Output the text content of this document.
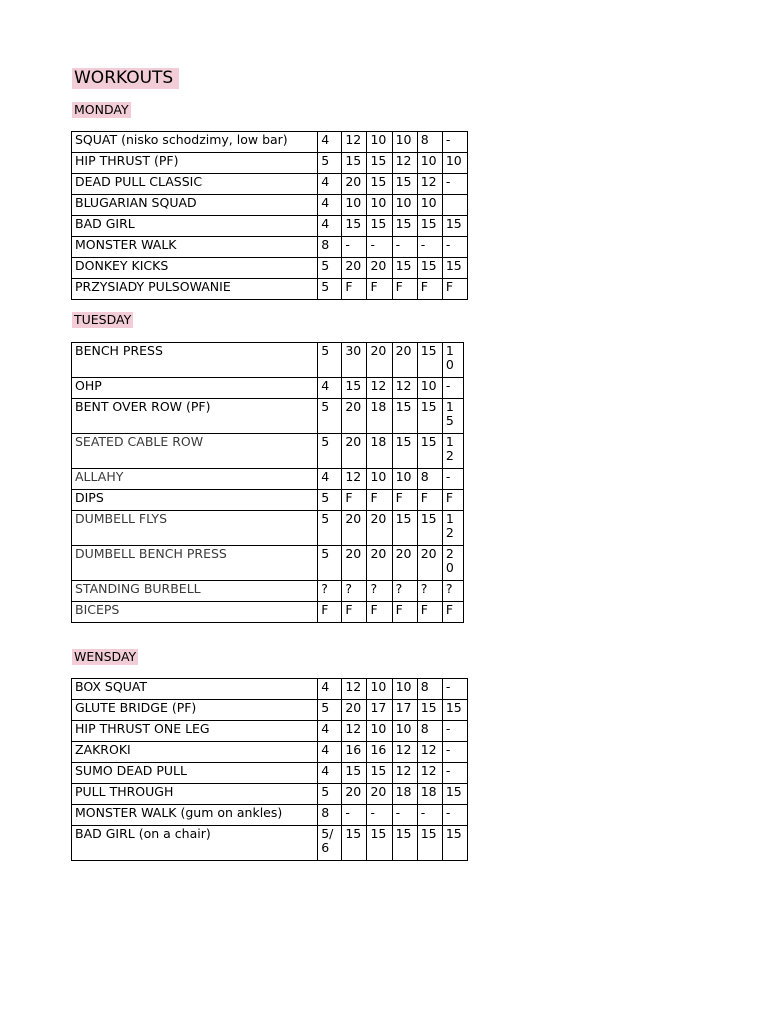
WORKOUTS
MONDAY
SQUAT (nisko schodzimy, low bar)	4	12	10	10	8	-
HIP THRUST (PF)	5	15	15	12	10	10
DEAD PULL CLASSIC	4	20	15	15	12	-
BLUGARIAN SQUAD	4	10	10	10	10	
BAD GIRL	4	15	15	15	15	15
MONSTER WALK	8	-	-	-	-	-
DONKEY KICKS	5	20	20	15	15	15
PRZYSIADY PULSOWANIE	5	F	F	F	F	F
TUESDAY
BENCH PRESS	5	30	20	20	15	10
OHP	4	15	12	12	10	-
BENT OVER ROW (PF)	5	20	18	15	15	15
SEATED CABLE ROW	5	20	18	15	15	12
ALLAHY	4	12	10	10	8	-
DIPS	5	F	F	F	F	F
DUMBELL FLYS	5	20	20	15	15	12
DUMBELL BENCH PRESS	5	20	20	20	20	20
STANDING BURBELL	?	?	?	?	?	?
BICEPS	F	F	F	F	F	F
WENSDAY
BOX SQUAT	4	12	10	10	8	-
GLUTE BRIDGE (PF)	5	20	17	17	15	15
HIP THRUST ONE LEG	4	12	10	10	8	-
ZAKROKI	4	16	16	12	12	-
SUMO DEAD PULL	4	15	15	12	12	-
PULL THROUGH	5	20	20	18	18	15
MONSTER WALK (gum on ankles)	8	-	-	-	-	-
BAD GIRL (on a chair)	5/6	15	15	15	15	15
